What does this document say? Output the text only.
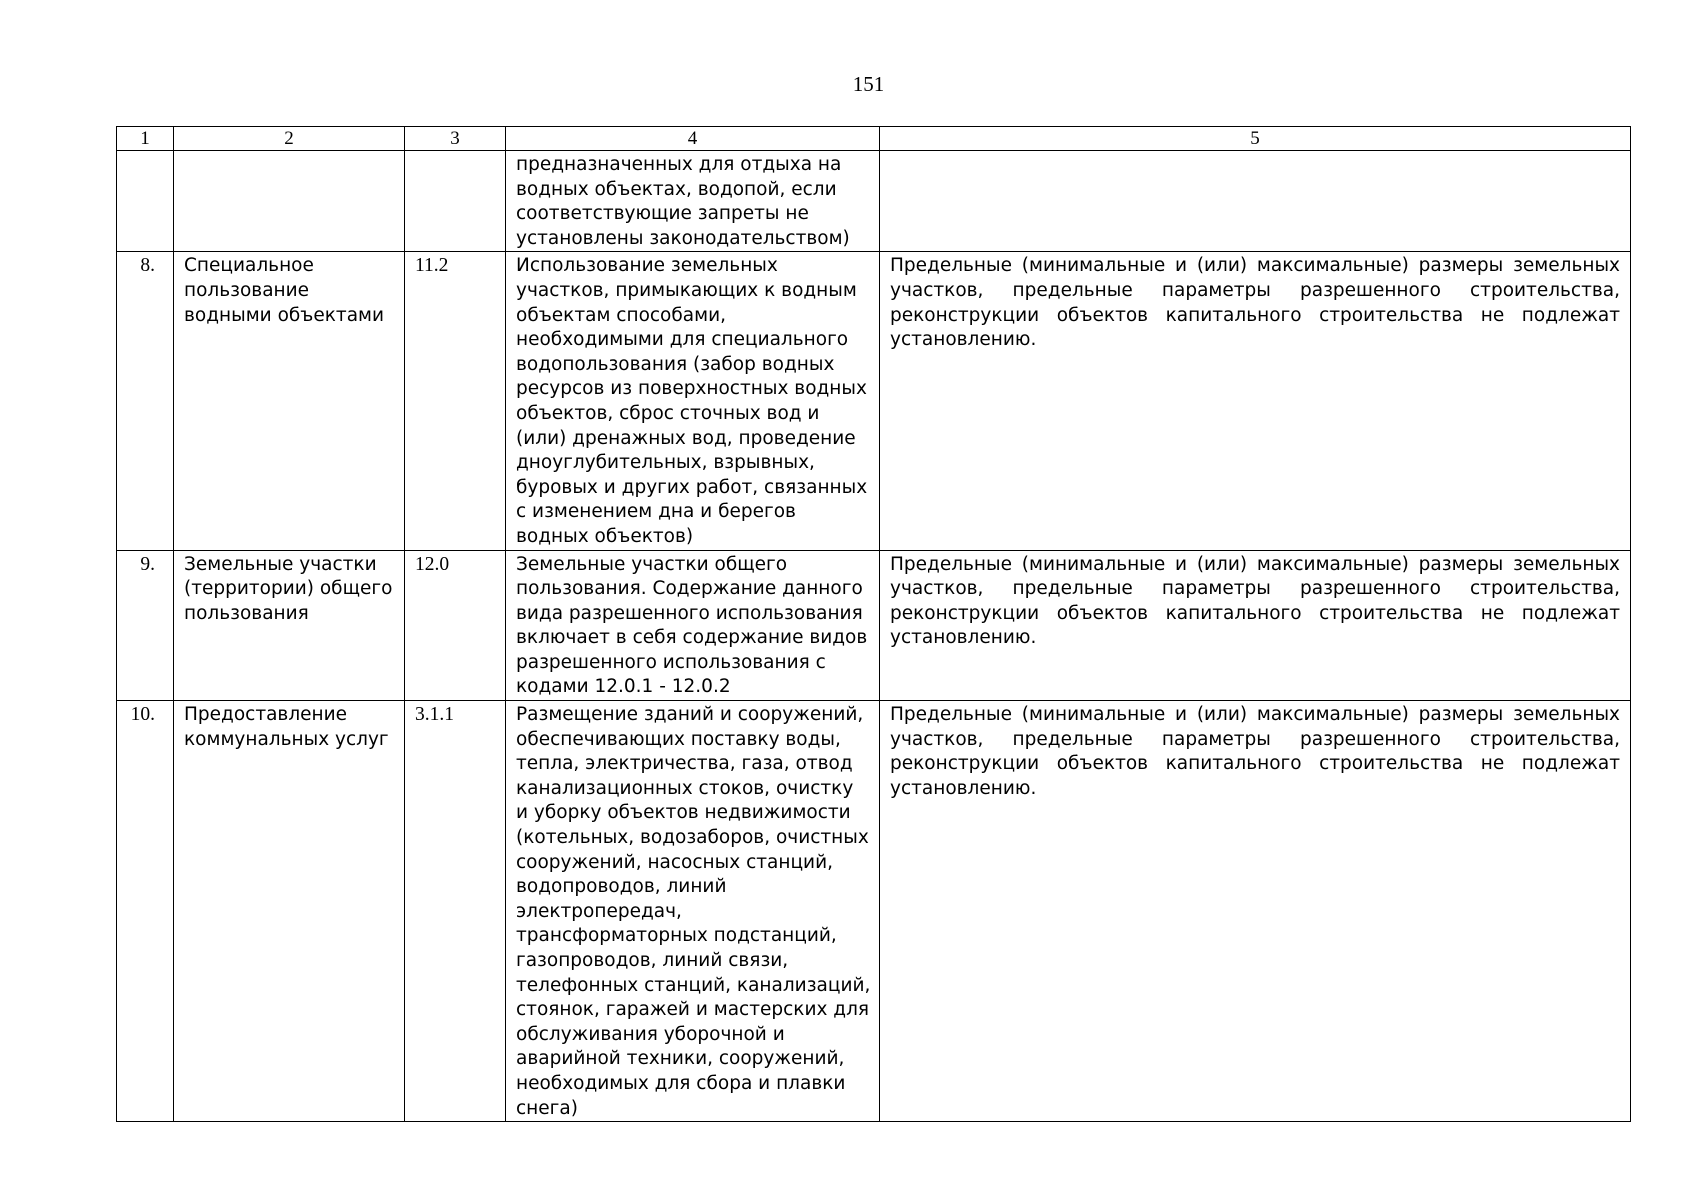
151
1	2	3	4	5
			предназначенных для отдыха на водных объектах, водопой, если соответствующие запреты не установлены законодательством)	
8.	Специальное пользование водными объектами	11.2	Использование земельных участков, примыкающих к водным объектам способами, необходимыми для специального водопользования (забор водных ресурсов из поверхностных водных объектов, сброс сточных вод и (или) дренажных вод, проведение дноуглубительных, взрывных, буровых и других работ, связанных с изменением дна и берегов водных объектов)	Предельные (минимальные и (или) максимальные) размеры земельных участков, предельные параметры разрешенного строительства, реконструкции объектов капитального строительства не подлежат установлению.
9.	Земельные участки (территории) общего пользования	12.0	Земельные участки общего пользования. Содержание данного вида разрешенного использования включает в себя содержание видов разрешенного использования с кодами 12.0.1 - 12.0.2	Предельные (минимальные и (или) максимальные) размеры земельных участков, предельные параметры разрешенного строительства, реконструкции объектов капитального строительства не подлежат установлению.
10.	Предоставление коммунальных услуг	3.1.1	Размещение зданий и сооружений, обеспечивающих поставку воды, тепла, электричества, газа, отвод канализационных стоков, очистку и уборку объектов недвижимости (котельных, водозаборов, очистных сооружений, насосных станций, водопроводов, линий электропередач, трансформаторных подстанций, газопроводов, линий связи, телефонных станций, канализаций, стоянок, гаражей и мастерских для обслуживания уборочной и аварийной техники, сооружений, необходимых для сбора и плавки снега)	Предельные (минимальные и (или) максимальные) размеры земельных участков, предельные параметры разрешенного строительства, реконструкции объектов капитального строительства не подлежат установлению.
